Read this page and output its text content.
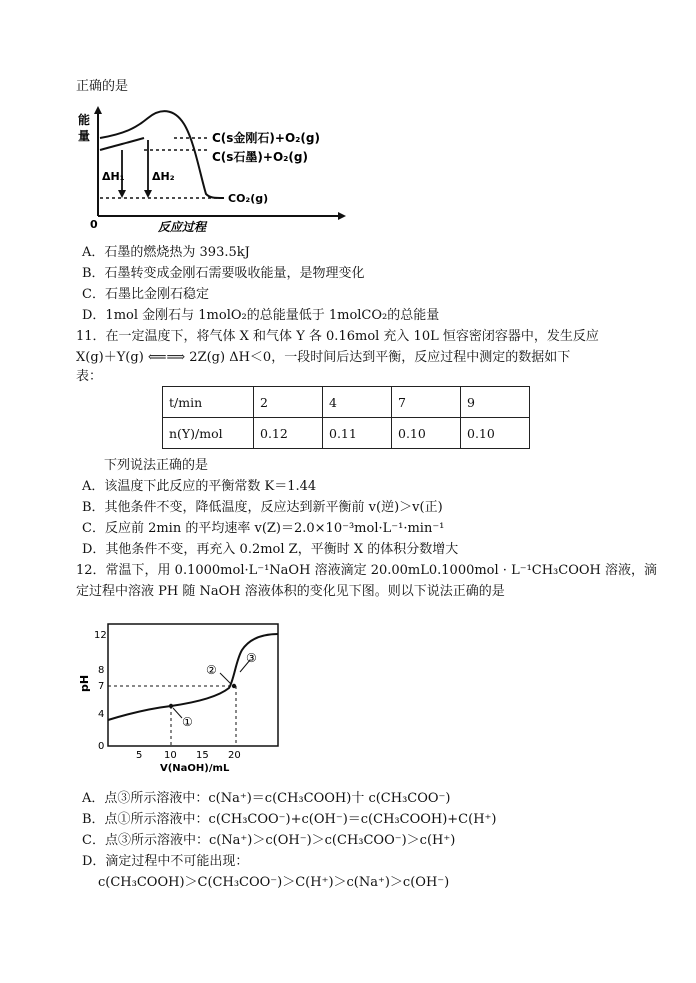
正确的是
能
量
ΔH₁ ΔH₂
C(s金刚石)+O₂(g)
C(s石墨)+O₂(g)
CO₂(g)
0	反应过程
A．石墨的燃烧热为 393.5kJ
B．石墨转变成金刚石需要吸收能量，是物理变化
C．石墨比金刚石稳定
D．1mol 金刚石与 1molO₂的总能量低于 1molCO₂的总能量
11．在一定温度下，将气体 X 和气体 Y 各 0.16mol 充入 10L 恒容密闭容器中，发生反应
X(g)＋Y(g) ⟸⟹ 2Z(g) ΔH＜0，一段时间后达到平衡，反应过程中测定的数据如下
表：
t/min	2	4	7	9
n(Y)/mol	0.12	0.11	0.10	0.10
下列说法正确的是
A．该温度下此反应的平衡常数 K＝1.44
B．其他条件不变，降低温度，反应达到新平衡前 v(逆)＞v(正)
C．反应前 2min 的平均速率 v(Z)＝2.0×10⁻³mol·L⁻¹·min⁻¹
D．其他条件不变，再充入 0.2mol Z，平衡时 X 的体积分数增大
12．常温下，用 0.1000mol·L⁻¹NaOH 溶液滴定 20.00mL0.1000mol · L⁻¹CH₃COOH 溶液，滴
定过程中溶液 PH 随 NaOH 溶液体积的变化见下图。则以下说法正确的是
12
8
7
4
0
pH
5 10 15 20
V(NaOH)/mL
①
②
③
A．点③所示溶液中：c(Na⁺)＝c(CH₃COOH)十 c(CH₃COO⁻)
B．点①所示溶液中：c(CH₃COO⁻)+c(OH⁻)＝c(CH₃COOH)+C(H⁺)
C．点③所示溶液中：c(Na⁺)＞c(OH⁻)＞c(CH₃COO⁻)＞c(H⁺)
D．滴定过程中不可能出现：
c(CH₃COOH)＞C(CH₃COO⁻)＞C(H⁺)＞c(Na⁺)＞c(OH⁻)
